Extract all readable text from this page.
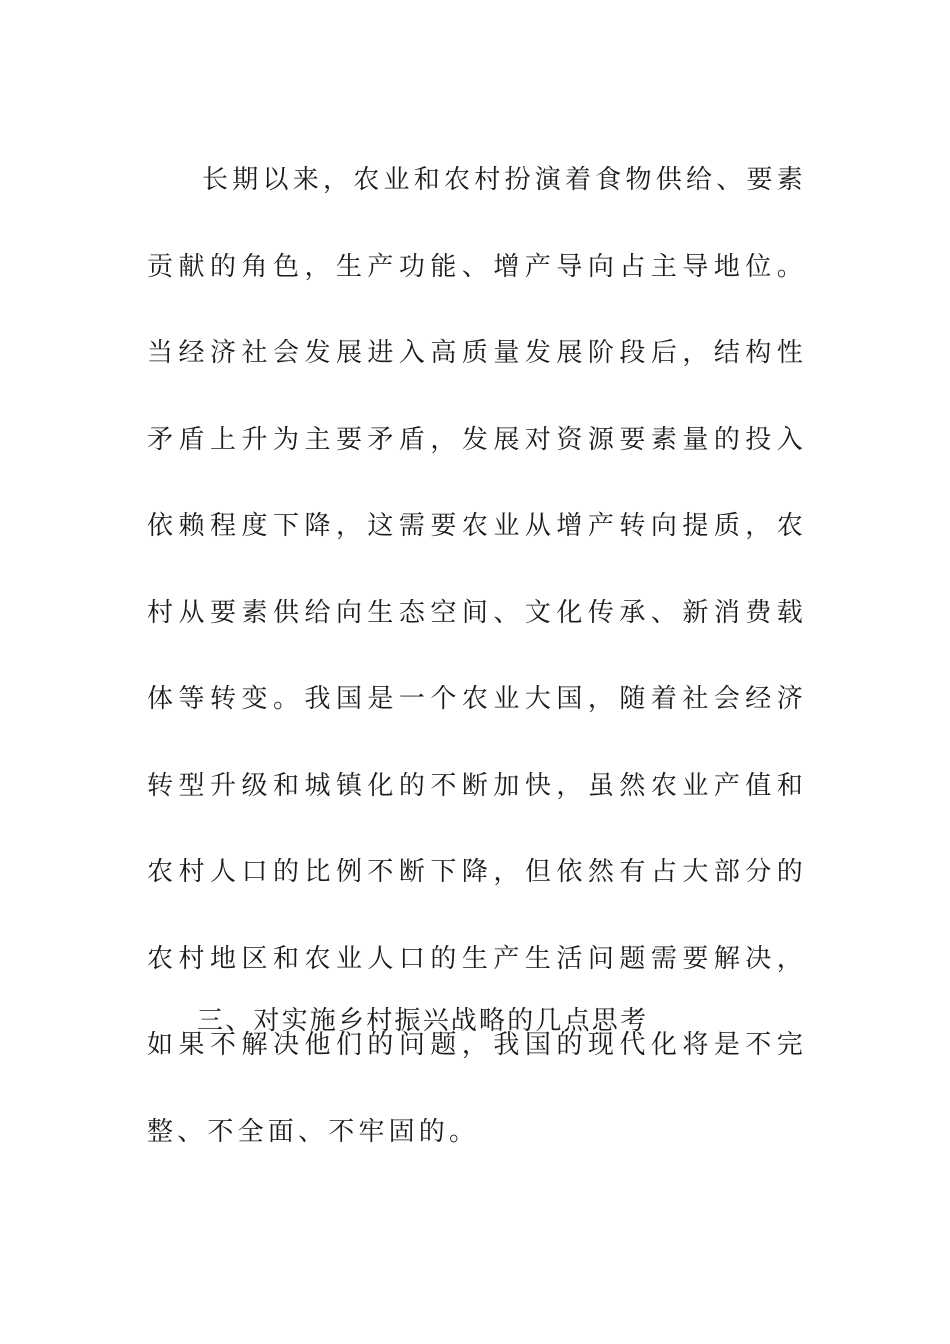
长期以来，农业和农村扮演着食物供给、要素贡献的角色，生产功能、增产导向占主导地位。当经济社会发展进入高质量发展阶段后，结构性矛盾上升为主要矛盾，发展对资源要素量的投入依赖程度下降，这需要农业从增产转向提质，农村从要素供给向生态空间、文化传承、新消费载体等转变。我国是一个农业大国，随着社会经济转型升级和城镇化的不断加快，虽然农业产值和农村人口的比例不断下降，但依然有占大部分的农村地区和农业人口的生产生活问题需要解决，如果不解决他们的问题，我国的现代化将是不完整、不全面、不牢固的。

三、对实施乡村振兴战略的几点思考
